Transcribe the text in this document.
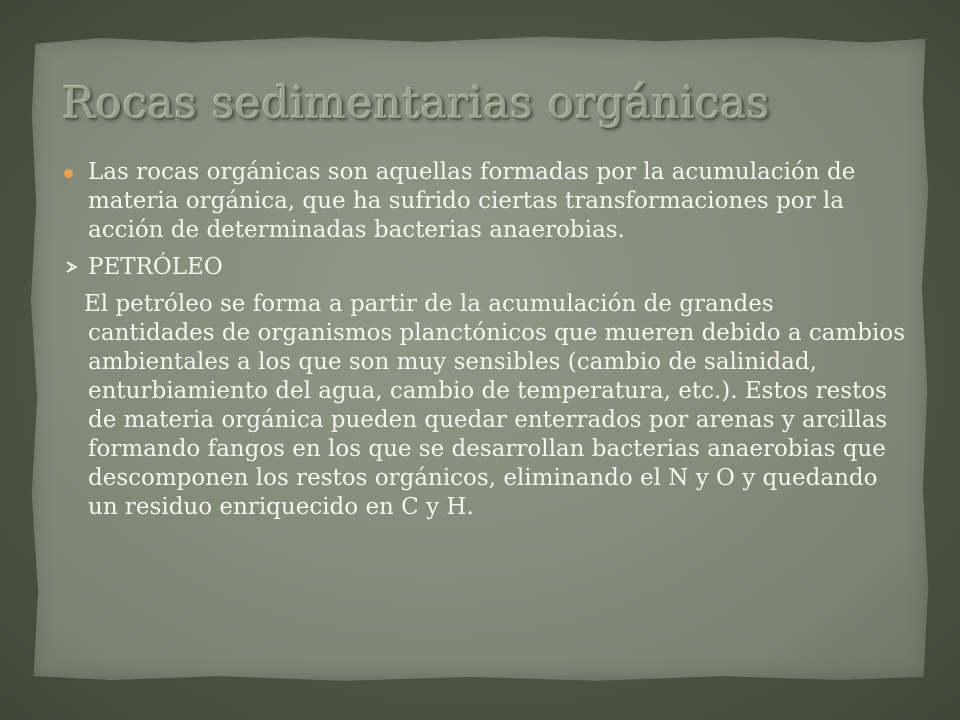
Rocas sedimentarias orgánicas
Las rocas orgánicas son aquellas formadas por la acumulación de materia orgánica, que ha sufrido ciertas transformaciones por la acción de determinadas bacterias anaerobias.
PETRÓLEO

El petróleo se forma a partir de la acumulación de grandes cantidades de organismos planctónicos que mueren debido a cambios ambientales a los que son muy sensibles (cambio de salinidad, enturbiamiento del agua, cambio de temperatura, etc.). Estos restos de materia orgánica pueden quedar enterrados por arenas y arcillas formando fangos en los que se desarrollan bacterias anaerobias que descomponen los restos orgánicos, eliminando el N y O y quedando un residuo enriquecido en C y H.
